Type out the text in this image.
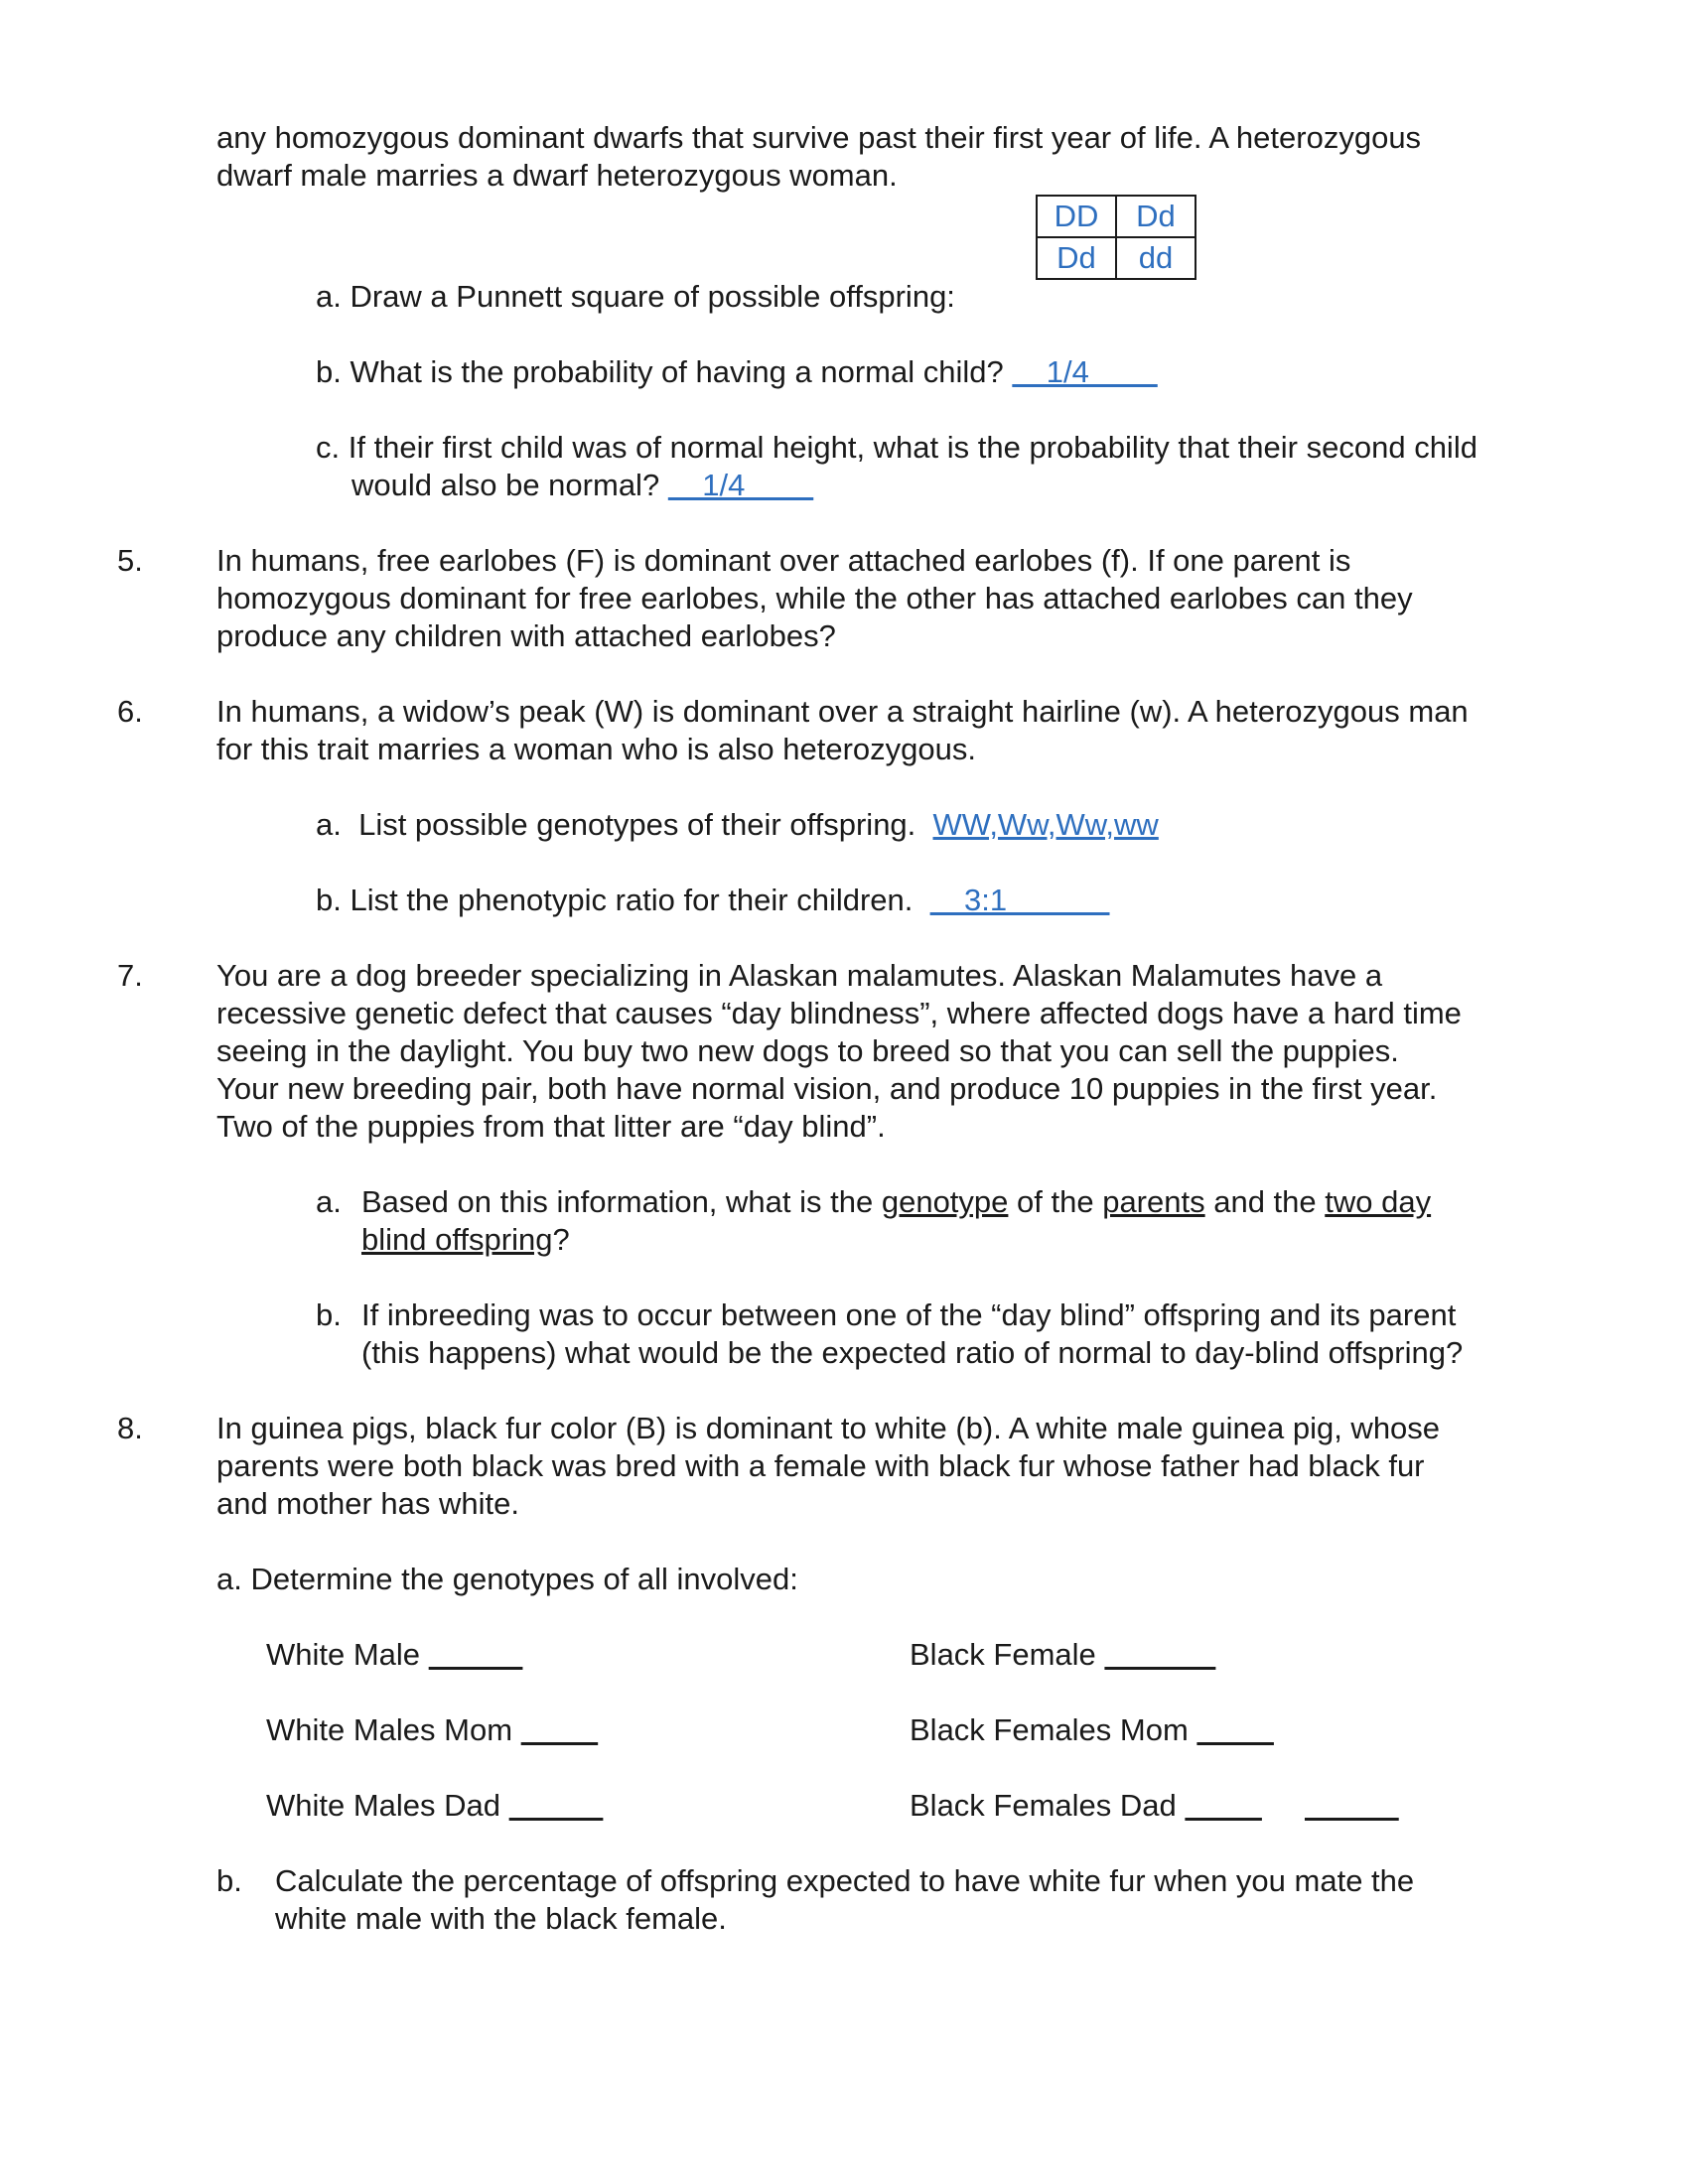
any homozygous dominant dwarfs that survive past their first year of life. A heterozygous
dwarf male marries a dwarf heterozygous woman.
DD	Dd
Dd	dd
a. Draw a Punnett square of possible offspring:
b. What is the probability of having a normal child?     1/4
c. If their first child was of normal height, what is the probability that their second child
would also be normal?     1/4
5. In humans, free earlobes (F) is dominant over attached earlobes (f). If one parent is
homozygous dominant for free earlobes, while the other has attached earlobes can they
produce any children with attached earlobes?
6. In humans, a widow’s peak (W) is dominant over a straight hairline (w). A heterozygous man
for this trait marries a woman who is also heterozygous.
a.  List possible genotypes of their offspring.  WW,Ww,Ww,ww
b. List the phenotypic ratio for their children.      3:1
7. You are a dog breeder specializing in Alaskan malamutes. Alaskan Malamutes have a
recessive genetic defect that causes “day blindness”, where affected dogs have a hard time
seeing in the daylight. You buy two new dogs to breed so that you can sell the puppies.
Your new breeding pair, both have normal vision, and produce 10 puppies in the first year.
Two of the puppies from that litter are “day blind”.
a. Based on this information, what is the genotype of the parents and the two day
blind offspring?
b. If inbreeding was to occur between one of the “day blind” offspring and its parent
(this happens) what would be the expected ratio of normal to day-blind offspring?
8. In guinea pigs, black fur color (B) is dominant to white (b). A white male guinea pig, whose
parents were both black was bred with a female with black fur whose father had black fur
and mother has white.
a. Determine the genotypes of all involved:
White Male	Black Female
White Males Mom	Black Females Mom
White Males Dad	Black Females Dad
b. Calculate the percentage of offspring expected to have white fur when you mate the
white male with the black female.
